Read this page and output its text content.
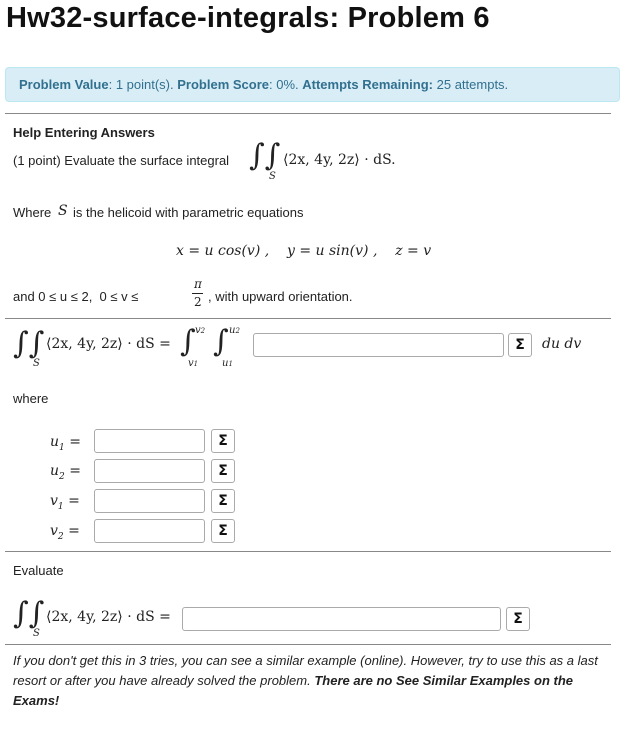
Hw32-surface-integrals: Problem 6
Problem Value: 1 point(s). Problem Score: 0%. Attempts Remaining: 25 attempts.
Help Entering Answers
(1 point) Evaluate the surface integral ∫∫
S
⟨2x, 4y, 2z⟩ · dS.
Where S is the helicoid with parametric equations
x = u cos(v) ,    y = u sin(v) ,    z = v
and 0 ≤ u ≤ 2,  0 ≤ v ≤
π
2 , with upward orientation.
∫∫
S
⟨2x, 4y, 2z⟩ · dS = ∫ v2
v1
∫ u2
u1
Σ	du dv
where
$u_1$ =	Σ
$u_2$ =	Σ
$v_1$ =	Σ
$v_2$ =	Σ
Evaluate
∫∫
S
⟨2x, 4y, 2z⟩ · dS =	Σ
If you don't get this in 3 tries, you can see a similar example (online). However, try to use this as a last resort or after you have already solved the problem. There are no See Similar Examples on the Exams!
